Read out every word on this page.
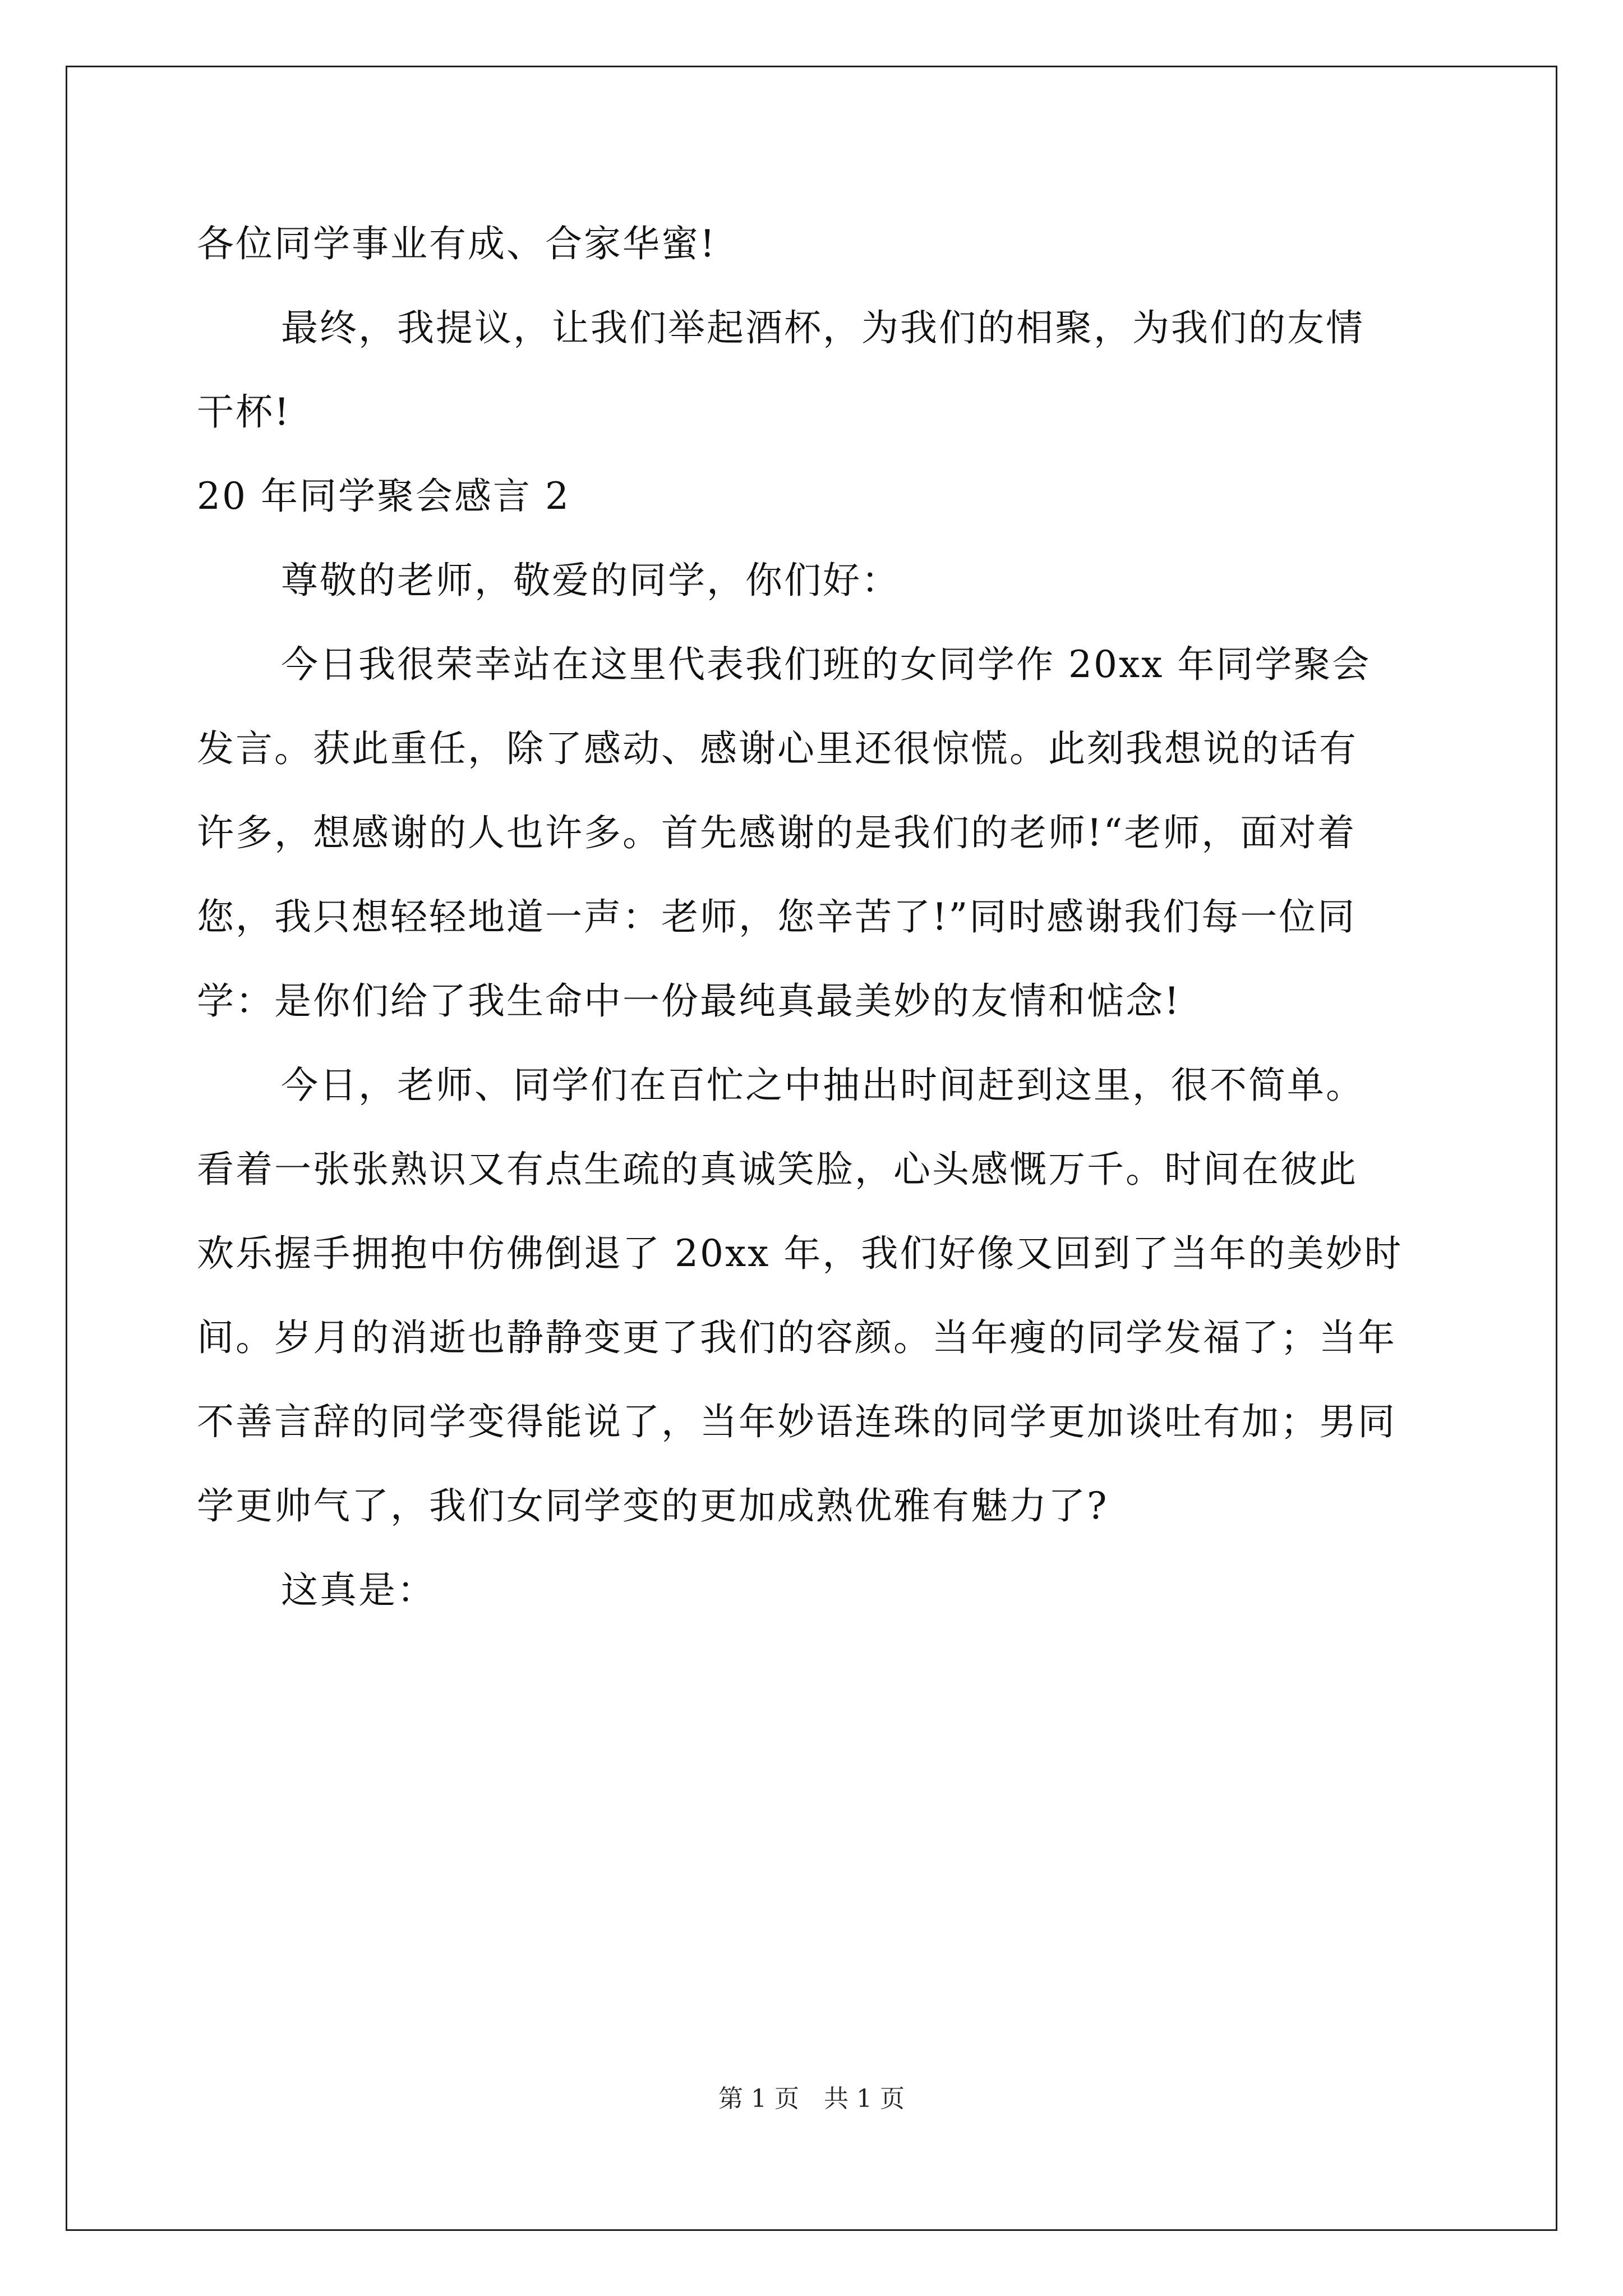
各位同学事业有成、合家华蜜!
最终，我提议，让我们举起酒杯，为我们的相聚，为我们的友情
干杯!
20 年同学聚会感言 2
尊敬的老师，敬爱的同学，你们好：
今日我很荣幸站在这里代表我们班的女同学作 20xx 年同学聚会
发言。获此重任，除了感动、感谢心里还很惊慌。此刻我想说的话有
许多，想感谢的人也许多。首先感谢的是我们的老师!“老师，面对着
您，我只想轻轻地道一声：老师，您辛苦了!”同时感谢我们每一位同
学：是你们给了我生命中一份最纯真最美妙的友情和惦念!
今日，老师、同学们在百忙之中抽出时间赶到这里，很不简单。
看着一张张熟识又有点生疏的真诚笑脸，心头感慨万千。时间在彼此
欢乐握手拥抱中仿佛倒退了 20xx 年，我们好像又回到了当年的美妙时
间。岁月的消逝也静静变更了我们的容颜。当年瘦的同学发福了；当年
不善言辞的同学变得能说了，当年妙语连珠的同学更加谈吐有加；男同
学更帅气了，我们女同学变的更加成熟优雅有魅力了?
这真是：
第 1 页　共 1 页
